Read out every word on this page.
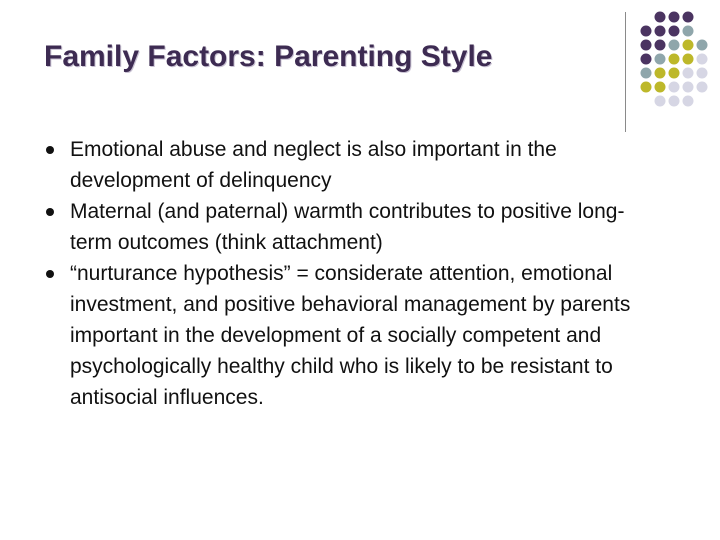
Family Factors: Parenting Style
Emotional abuse and neglect is also important in the development of delinquency
Maternal (and paternal) warmth contributes to positive long-term outcomes (think attachment)
“nurturance hypothesis” = considerate attention, emotional investment, and positive behavioral management by parents important in the development of a socially competent and psychologically healthy child who is likely to be resistant to antisocial influences.
